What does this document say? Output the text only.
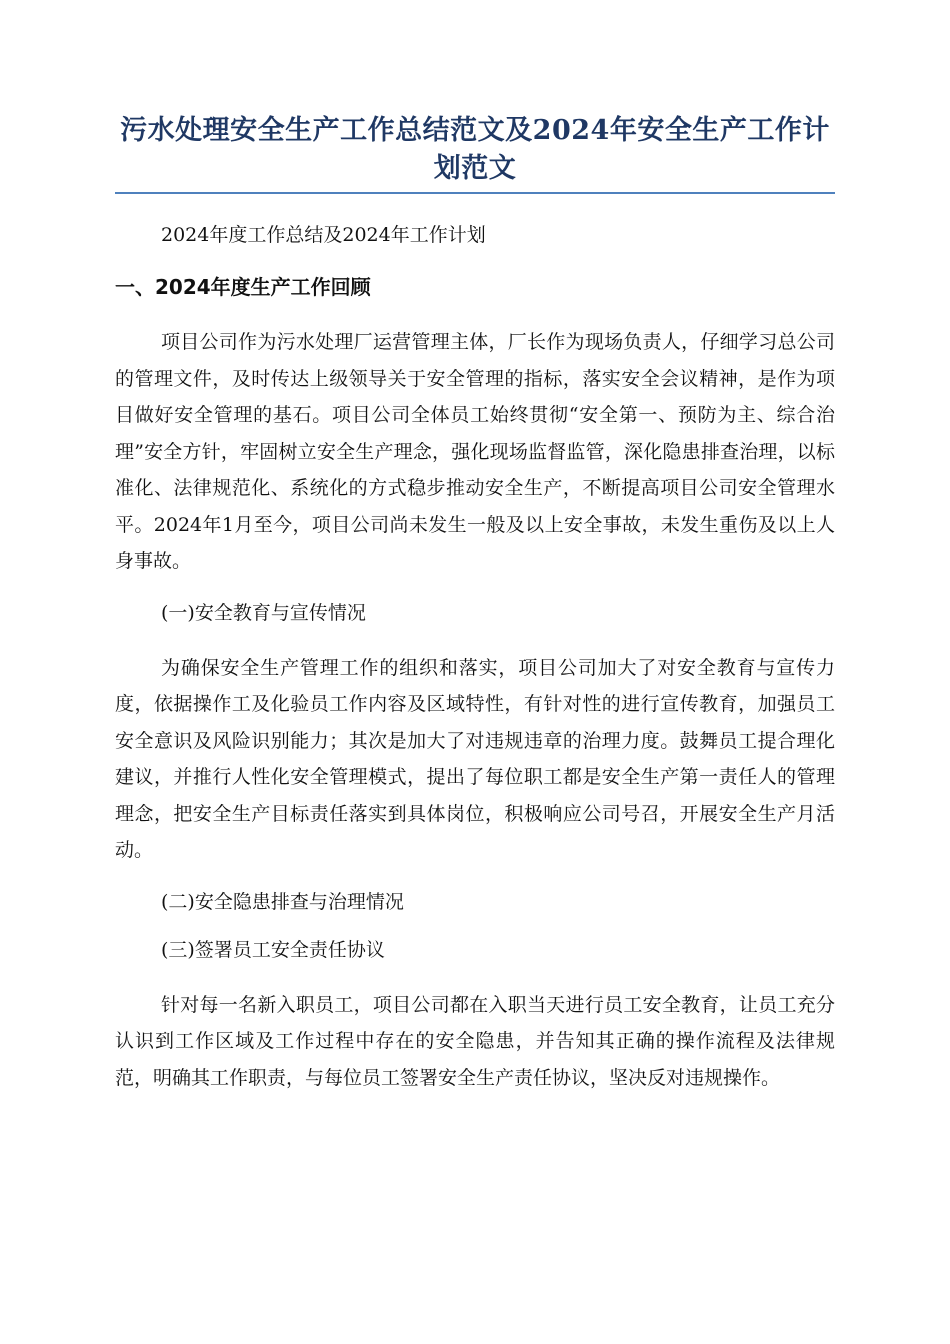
污水处理安全生产工作总结范文及2024年安全生产工作计划范文

2024年度工作总结及2024年工作计划

一、2024年度生产工作回顾

项目公司作为污水处理厂运营管理主体，厂长作为现场负责人，仔细学习总公司的管理文件，及时传达上级领导关于安全管理的指标，落实安全会议精神，是作为项目做好安全管理的基石。项目公司全体员工始终贯彻“安全第一、预防为主、综合治理”安全方针，牢固树立安全生产理念，强化现场监督监管，深化隐患排查治理，以标准化、法律规范化、系统化的方式稳步推动安全生产，不断提高项目公司安全管理水平。2024年1月至今，项目公司尚未发生一般及以上安全事故，未发生重伤及以上人身事故。

(一)安全教育与宣传情况

为确保安全生产管理工作的组织和落实，项目公司加大了对安全教育与宣传力度，依据操作工及化验员工作内容及区域特性，有针对性的进行宣传教育，加强员工安全意识及风险识别能力；其次是加大了对违规违章的治理力度。鼓舞员工提合理化建议，并推行人性化安全管理模式，提出了每位职工都是安全生产第一责任人的管理理念，把安全生产目标责任落实到具体岗位，积极响应公司号召，开展安全生产月活动。

(二)安全隐患排查与治理情况

(三)签署员工安全责任协议

针对每一名新入职员工，项目公司都在入职当天进行员工安全教育，让员工充分认识到工作区域及工作过程中存在的安全隐患，并告知其正确的操作流程及法律规范，明确其工作职责，与每位员工签署安全生产责任协议，坚决反对违规操作。
